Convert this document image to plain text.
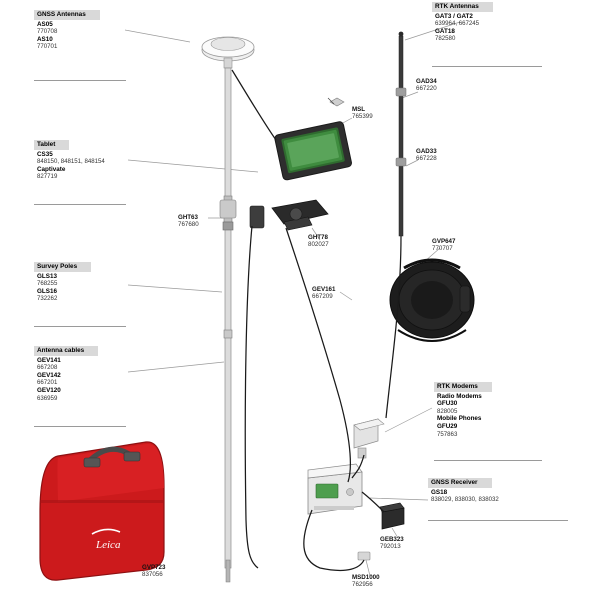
Leica
GNSS Antennas
AS05
770708
AS10
770701
Tablet
CS35
848150, 848151, 848154
Captivate
827719
Survey Poles
GLS13
768255
GLS16
732262
Antenna cables
GEV141
667208
GEV142
667201
GEV120
636959
RTK Antennas
GAT3 / GAT2
639964, 667245
GAT18
782580
RTK Modems
Radio Modems
GFU30
828005
Mobile Phones
GFU29
757863
GNSS Receiver
GS18
838029, 838030, 838032
MSL
765399
GAD34
667220
GAD33
667228
GHT63
767680
GHT78
802027
GEV161
667209
GVP647
770707
GEB323
792013
MSD1000
762956
GVP723
837056
